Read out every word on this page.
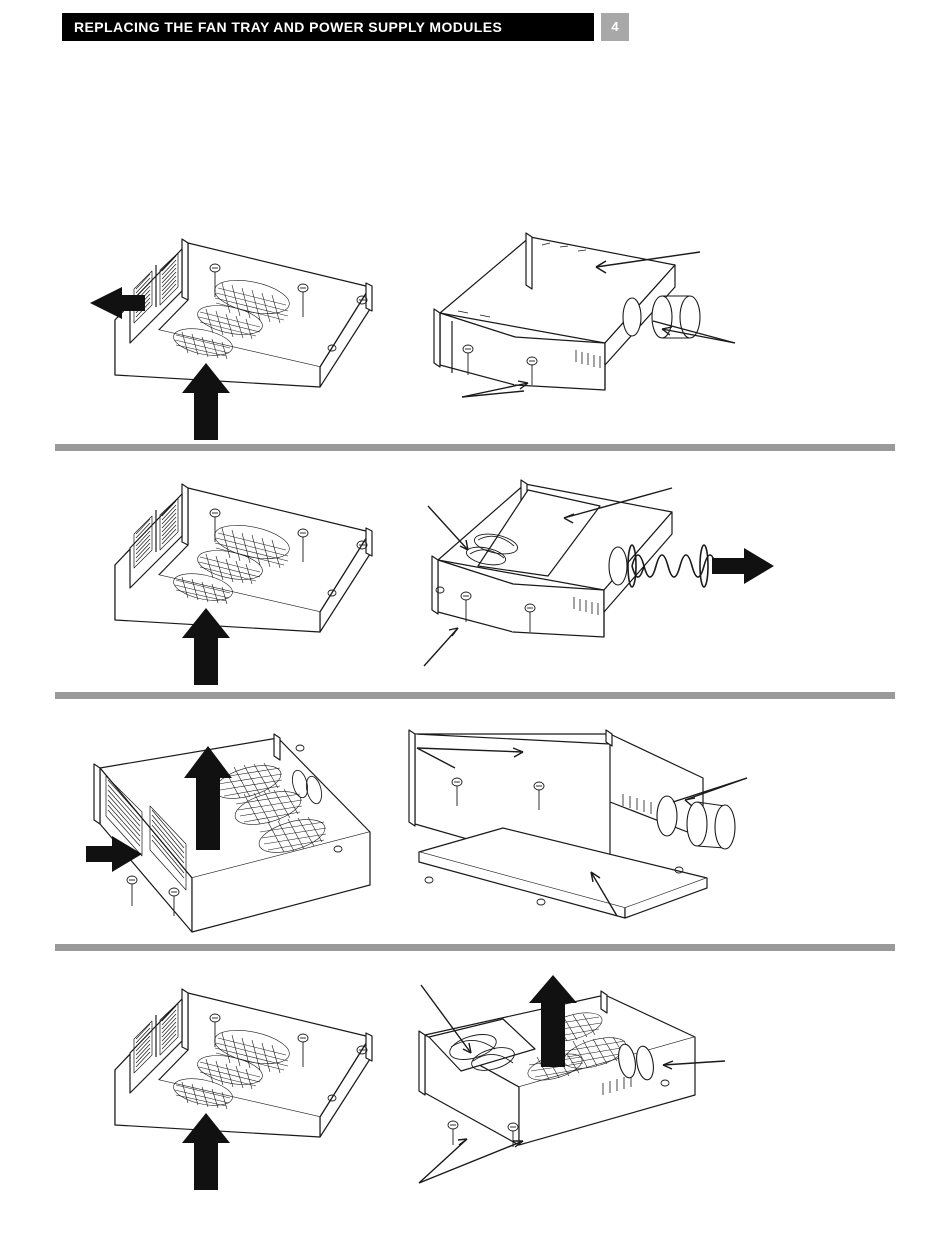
REPLACING THE FAN TRAY AND POWER SUPPLY MODULES	4
